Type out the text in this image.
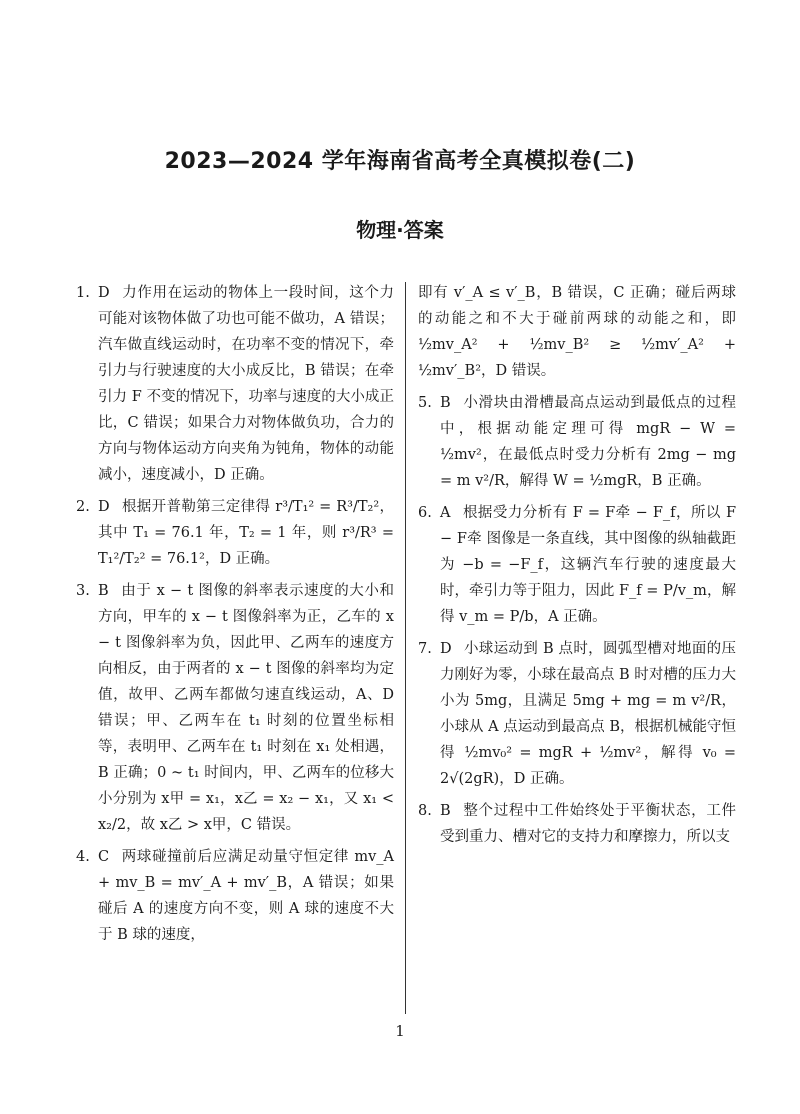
2023—2024 学年海南省高考全真模拟卷(二)
物理·答案
1. D 力作用在运动的物体上一段时间，这个力可能对该物体做了功也可能不做功，A 错误；汽车做直线运动时，在功率不变的情况下，牵引力与行驶速度的大小成反比，B 错误；在牵引力 F 不变的情况下，功率与速度的大小成正比，C 错误；如果合力对物体做负功，合力的方向与物体运动方向夹角为钝角，物体的动能减小，速度减小，D 正确。
2. D 根据开普勒第三定律得 r³/T₁² = R³/T₂²，其中 T₁ = 76.1 年，T₂ = 1 年，则 r³/R³ = T₁²/T₂² = 76.1²，D 正确。
3. B 由于 x − t 图像的斜率表示速度的大小和方向，甲车的 x − t 图像斜率为正，乙车的 x − t 图像斜率为负，因此甲、乙两车的速度方向相反，由于两者的 x − t 图像的斜率均为定值，故甲、乙两车都做匀速直线运动，A、D 错误；甲、乙两车在 t₁ 时刻的位置坐标相等，表明甲、乙两车在 t₁ 时刻在 x₁ 处相遇，B 正确；0 ~ t₁ 时间内，甲、乙两车的位移大小分别为 x甲 = x₁，x乙 = x₂ − x₁，又 x₁ < x₂/2，故 x乙 > x甲，C 错误。
4. C 两球碰撞前后应满足动量守恒定律 mv_A + mv_B = mv′_A + mv′_B，A 错误；如果碰后 A 的速度方向不变，则 A 球的速度不大于 B 球的速度，
即有 v′_A ≤ v′_B，B 错误，C 正确；碰后两球的动能之和不大于碰前两球的动能之和，即 ½mv_A² + ½mv_B² ≥ ½mv′_A² + ½mv′_B²，D 错误。
5. B 小滑块由滑槽最高点运动到最低点的过程中，根据动能定理可得 mgR − W = ½mv²，在最低点时受力分析有 2mg − mg = m v²/R，解得 W = ½mgR，B 正确。
6. A 根据受力分析有 F = F牵 − F_f，所以 F − F牵 图像是一条直线，其中图像的纵轴截距为 −b = −F_f，这辆汽车行驶的速度最大时，牵引力等于阻力，因此 F_f = P/v_m，解得 v_m = P/b，A 正确。
7. D 小球运动到 B 点时，圆弧型槽对地面的压力刚好为零，小球在最高点 B 时对槽的压力大小为 5mg，且满足 5mg + mg = m v²/R，小球从 A 点运动到最高点 B，根据机械能守恒得 ½mv₀² = mgR + ½mv²，解得 v₀ = 2√(2gR)，D 正确。
8. B 整个过程中工件始终处于平衡状态，工件受到重力、槽对它的支持力和摩擦力，所以支
1
